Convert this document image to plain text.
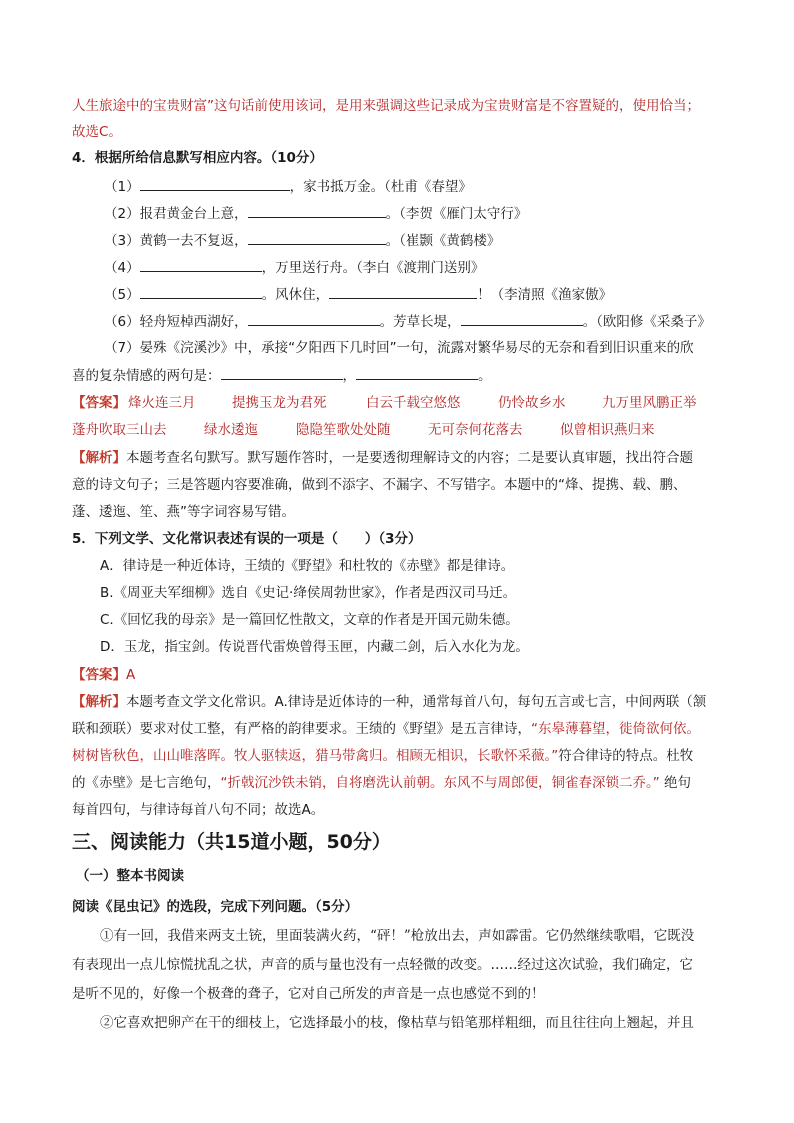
人生旅途中的宝贵财富”这句话前使用该词，是用来强调这些记录成为宝贵财富是不容置疑的，使用恰当；
故选C。
4．根据所给信息默写相应内容。（10分）
（1）	，家书抵万金。（杜甫《春望》
（2）报君黄金台上意，	。（李贺《雁门太守行》
（3）黄鹤一去不复返，	。（崔颢《黄鹤楼》
（4）	，万里送行舟。（李白《渡荆门送别》
（5）	。风休住，	！（李清照《渔家傲》
（6）轻舟短棹西湖好，	。芳草长堤，	。（欧阳修《采桑子》
（7）晏殊《浣溪沙》中，承接“夕阳西下几时回”一句，流露对繁华易尽的无奈和看到旧识重来的欣
喜的复杂情感的两句是：	，	。
【答案】 烽火连三月	提携玉龙为君死	白云千载空悠悠	仍怜故乡水	九万里风鹏正举
蓬舟吹取三山去	绿水逶迤	隐隐笙歌处处随	无可奈何花落去	似曾相识燕归来
【解析】本题考查名句默写。默写题作答时，一是要透彻理解诗文的内容；二是要认真审题，找出符合题
意的诗文句子；三是答题内容要准确，做到不添字、不漏字、不写错字。本题中的“烽、提携、载、鹏、
蓬、逶迤、笙、燕”等字词容易写错。
5．下列文学、文化常识表述有误的一项是（　　）（3分）
A．律诗是一种近体诗，王绩的《野望》和杜牧的《赤壁》都是律诗。
B.《周亚夫军细柳》选自《史记·绛侯周勃世家》，作者是西汉司马迁。
C.《回忆我的母亲》是一篇回忆性散文，文章的作者是开国元勋朱德。
D．玉龙，指宝剑。传说晋代雷焕曾得玉匣，内藏二剑，后入水化为龙。
【答案】A
【解析】本题考查文学文化常识。A.律诗是近体诗的一种，通常每首八句，每句五言或七言，中间两联（颔
联和颈联）要求对仗工整，有严格的韵律要求。王绩的《野望》是五言律诗，“东皋薄暮望，徙倚欲何依。
树树皆秋色，山山唯落晖。牧人驱犊返，猎马带禽归。相顾无相识，长歌怀采薇。”符合律诗的特点。杜牧
的《赤壁》是七言绝句，“折戟沉沙铁未销，自将磨洗认前朝。东风不与周郎便，铜雀春深锁二乔。” 绝句
每首四句，与律诗每首八句不同；故选A。
三、阅读能力（共15道小题，50分）
（一）整本书阅读
阅读《昆虫记》的选段，完成下列问题。（5分）
①有一回，我借来两支土铳，里面装满火药，“砰！”枪放出去，声如霹雷。它仍然继续歌唱，它既没
有表现出一点儿惊慌扰乱之状，声音的质与量也没有一点轻微的改变。……经过这次试验，我们确定，它
是听不见的，好像一个极聋的聋子，它对自己所发的声音是一点也感觉不到的！
②它喜欢把卵产在干的细枝上，它选择最小的枝，像枯草与铅笔那样粗细，而且往往向上翘起，并且
